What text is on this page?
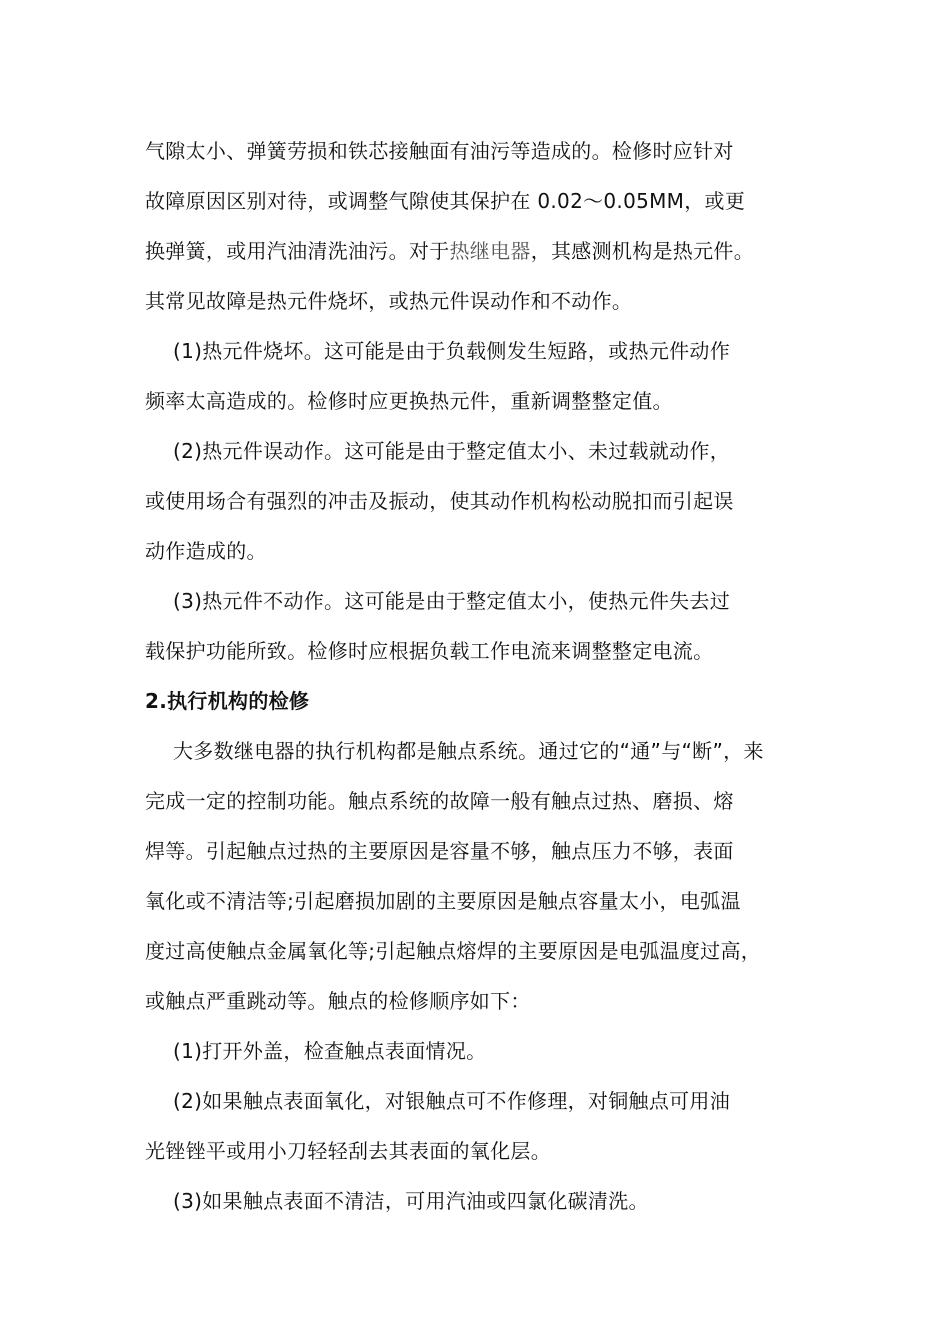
气隙太小、弹簧劳损和铁芯接触面有油污等造成的。检修时应针对
故障原因区别对待，或调整气隙使其保护在 0.02～0.05MM，或更
换弹簧，或用汽油清洗油污。对于热继电器，其感测机构是热元件。
其常见故障是热元件烧坏，或热元件误动作和不动作。
(1)热元件烧坏。这可能是由于负载侧发生短路，或热元件动作
频率太高造成的。检修时应更换热元件，重新调整整定值。
(2)热元件误动作。这可能是由于整定值太小、未过载就动作，
或使用场合有强烈的冲击及振动，使其动作机构松动脱扣而引起误
动作造成的。
(3)热元件不动作。这可能是由于整定值太小，使热元件失去过
载保护功能所致。检修时应根据负载工作电流来调整整定电流。
2.执行机构的检修
大多数继电器的执行机构都是触点系统。通过它的“通”与“断”，来
完成一定的控制功能。触点系统的故障一般有触点过热、磨损、熔
焊等。引起触点过热的主要原因是容量不够，触点压力不够，表面
氧化或不清洁等;引起磨损加剧的主要原因是触点容量太小，电弧温
度过高使触点金属氧化等;引起触点熔焊的主要原因是电弧温度过高，
或触点严重跳动等。触点的检修顺序如下：
(1)打开外盖，检查触点表面情况。
(2)如果触点表面氧化，对银触点可不作修理，对铜触点可用油
光锉锉平或用小刀轻轻刮去其表面的氧化层。
(3)如果触点表面不清洁，可用汽油或四氯化碳清洗。
